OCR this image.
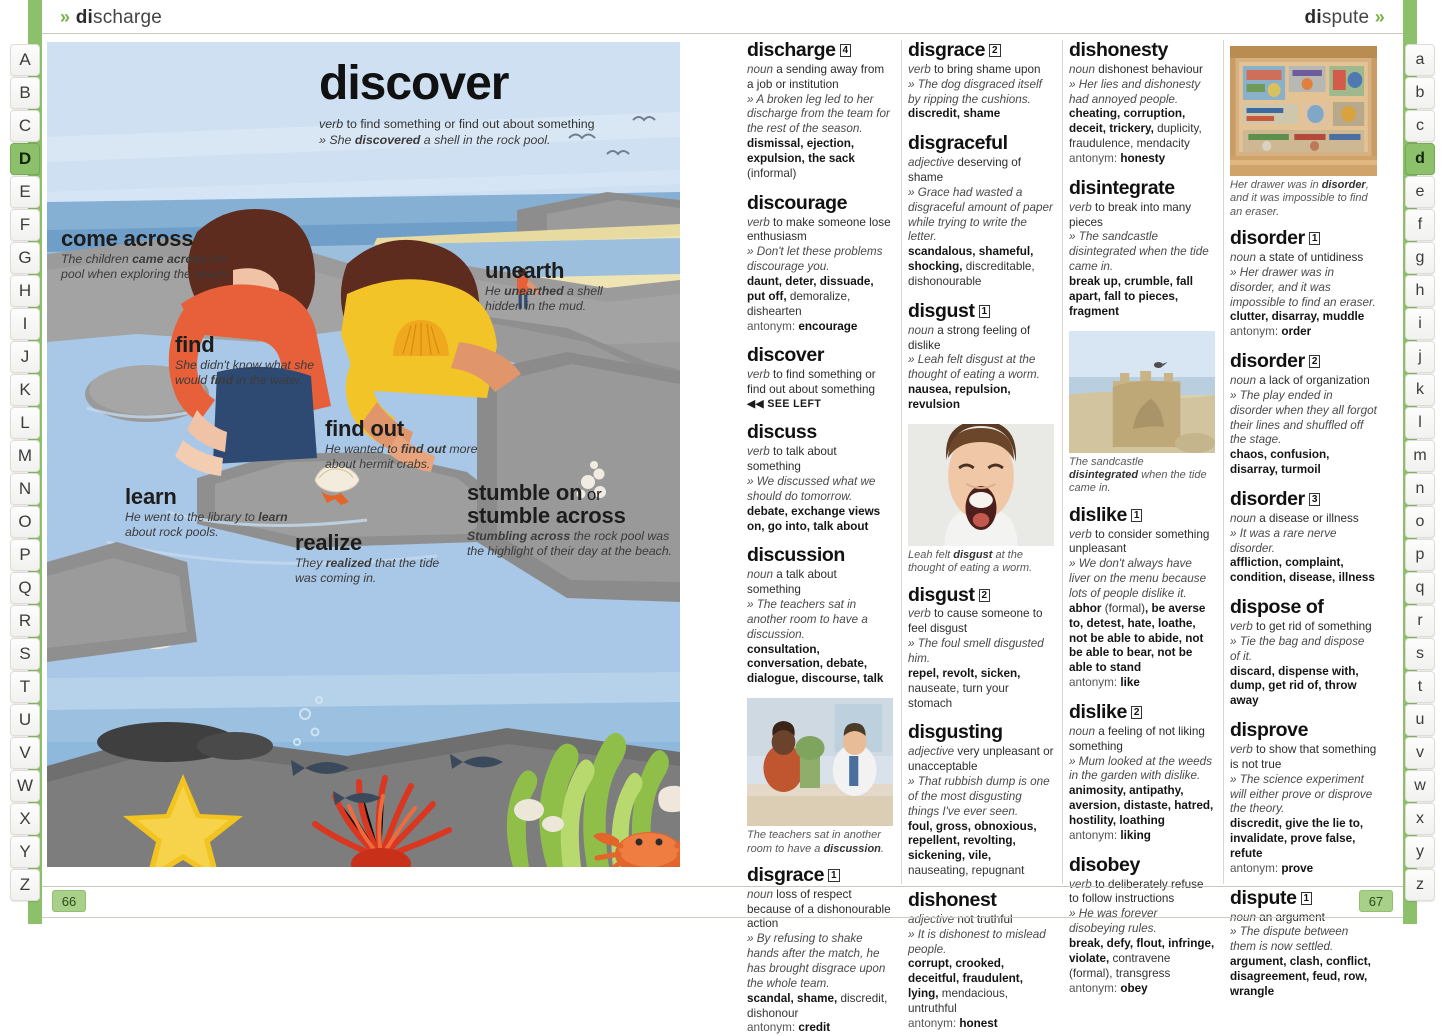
» discharge	dispute »
A
B
C
D
E
F
G
H
I
J
K
L
M
N
O
P
Q
R
S
T
U
V
W
X
Y
Z
a
b
c
d
e
f
g
h
i
j
k
l
m
n
o
p
q
r
s
t
u
v
w
x
y
z
discover
verb to find something or find out about something
» She discovered a shell in the rock pool.
come across
The children came across the pool when exploring the beach.	unearth
He unearthed a shell hidden in the mud.
find
She didn't know what she would find in the water.
find out
He wanted to find out more about hermit crabs.
learn
He went to the library to learn about rock pools.
stumble on or
stumble across
Stumbling across the rock pool was the highlight of their day at the beach.
realize
They realized that the tide was coming in.
discharge 4
noun a sending away from a job or institution
» A broken leg led to her discharge from the team for the rest of the season.
dismissal, ejection, expulsion, the sack (informal)
discourage
verb to make someone lose enthusiasm
» Don't let these problems discourage you.
daunt, deter, dissuade, put off, demoralize, dishearten
antonym: encourage
discover
verb to find something or find out about something
◀◀ SEE LEFT
discuss
verb to talk about something
» We discussed what we should do tomorrow.
debate, exchange views on, go into, talk about
discussion
noun a talk about something
» The teachers sat in another room to have a discussion.
consultation, conversation, debate, dialogue, discourse, talk
The teachers sat in another room to have a discussion.
disgrace 1
noun loss of respect because of a dishonourable action
» By refusing to shake hands after the match, he has brought disgrace upon the whole team.
scandal, shame, discredit, dishonour
antonym: credit
disgrace 2
verb to bring shame upon
» The dog disgraced itself by ripping the cushions.
discredit, shame
disgraceful
adjective deserving of shame
» Grace had wasted a disgraceful amount of paper while trying to write the letter.
scandalous, shameful, shocking, discreditable, dishonourable
disgust 1
noun a strong feeling of dislike
» Leah felt disgust at the thought of eating a worm.
nausea, repulsion, revulsion
Leah felt disgust at the thought of eating a worm.
disgust 2
verb to cause someone to feel disgust
» The foul smell disgusted him.
repel, revolt, sicken, nauseate, turn your stomach
disgusting
adjective very unpleasant or unacceptable
» That rubbish dump is one of the most disgusting things I've ever seen.
foul, gross, obnoxious, repellent, revolting, sickening, vile, nauseating, repugnant
dishonest
adjective not truthful
» It is dishonest to mislead people.
corrupt, crooked, deceitful, fraudulent, lying, mendacious, untruthful
antonym: honest
dishonesty
noun dishonest behaviour
» Her lies and dishonesty had annoyed people.
cheating, corruption, deceit, trickery, duplicity, fraudulence, mendacity
antonym: honesty
disintegrate
verb to break into many pieces
» The sandcastle disintegrated when the tide came in.
break up, crumble, fall apart, fall to pieces, fragment
The sandcastle disintegrated when the tide came in.
dislike 1
verb to consider something unpleasant
» We don't always have liver on the menu because lots of people dislike it.
abhor (formal), be averse to, detest, hate, loathe, not be able to abide, not be able to bear, not be able to stand
antonym: like
dislike 2
noun a feeling of not liking something
» Mum looked at the weeds in the garden with dislike.
animosity, antipathy, aversion, distaste, hatred, hostility, loathing
antonym: liking
disobey
verb to deliberately refuse to follow instructions
» He was forever disobeying rules.
break, defy, flout, infringe, violate, contravene (formal), transgress
antonym: obey
Her drawer was in disorder, and it was impossible to find an eraser.
disorder 1
noun a state of untidiness
» Her drawer was in disorder, and it was impossible to find an eraser.
clutter, disarray, muddle
antonym: order
disorder 2
noun a lack of organization
» The play ended in disorder when they all forgot their lines and shuffled off the stage.
chaos, confusion, disarray, turmoil
disorder 3
noun a disease or illness
» It was a rare nerve disorder.
affliction, complaint, condition, disease, illness
dispose of
verb to get rid of something
» Tie the bag and dispose of it.
discard, dispense with, dump, get rid of, throw away
disprove
verb to show that something is not true
» The science experiment will either prove or disprove the theory.
discredit, give the lie to, invalidate, prove false, refute
antonym: prove
dispute 1
noun an argument
» The dispute between them is now settled.
argument, clash, conflict, disagreement, feud, row, wrangle
66	67
